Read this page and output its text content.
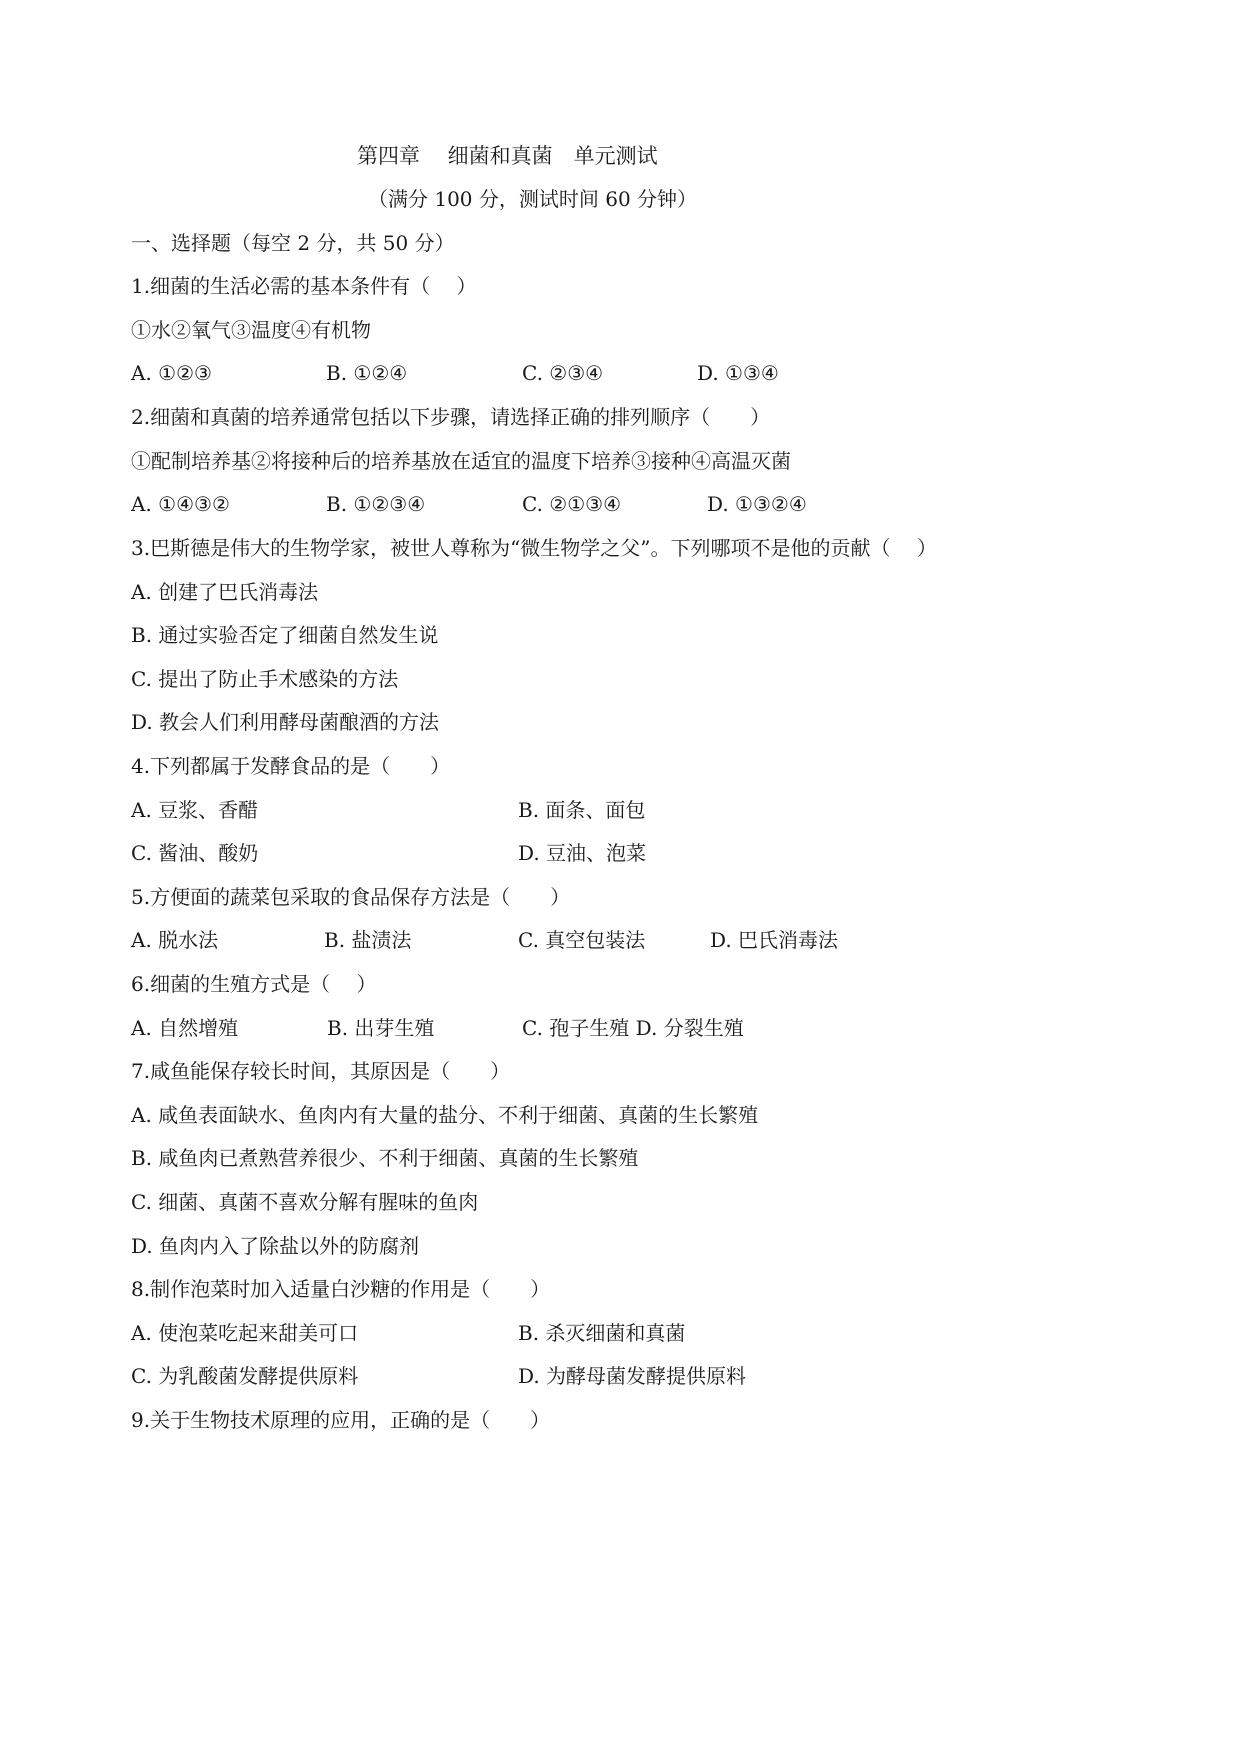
第四章　 细菌和真菌　单元测试
（满分 100 分，测试时间 60 分钟）
一、选择题（每空 2 分，共 50 分）
1.细菌的生活必需的基本条件有（　 ）
①水②氧气③温度④有机物
A. ①②③	B. ①②④	C. ②③④	D. ①③④
2.细菌和真菌的培养通常包括以下步骤，请选择正确的排列顺序（　　）
①配制培养基②将接种后的培养基放在适宜的温度下培养③接种④高温灭菌
A. ①④③②	B. ①②③④	C. ②①③④	D. ①③②④
3.巴斯德是伟大的生物学家，被世人尊称为“微生物学之父”。下列哪项不是他的贡献（　 ）
A. 创建了巴氏消毒法
B. 通过实验否定了细菌自然发生说
C. 提出了防止手术感染的方法
D. 教会人们利用酵母菌酿酒的方法
4.下列都属于发酵食品的是（　　）
A. 豆浆、香醋	B. 面条、面包
C. 酱油、酸奶	D. 豆油、泡菜
5.方便面的蔬菜包采取的食品保存方法是（　　）
A. 脱水法	B. 盐渍法	C. 真空包装法	D. 巴氏消毒法
6.细菌的生殖方式是（　 ）
A. 自然增殖	B. 出芽生殖	C. 孢子生殖 D. 分裂生殖
7.咸鱼能保存较长时间，其原因是（　　）
A. 咸鱼表面缺水、鱼肉内有大量的盐分、不利于细菌、真菌的生长繁殖
B. 咸鱼肉已煮熟营养很少、不利于细菌、真菌的生长繁殖
C. 细菌、真菌不喜欢分解有腥味的鱼肉
D. 鱼肉内入了除盐以外的防腐剂
8.制作泡菜时加入适量白沙糖的作用是（　　）
A. 使泡菜吃起来甜美可口	B. 杀灭细菌和真菌
C. 为乳酸菌发酵提供原料	D. 为酵母菌发酵提供原料
9.关于生物技术原理的应用，正确的是（　　）
